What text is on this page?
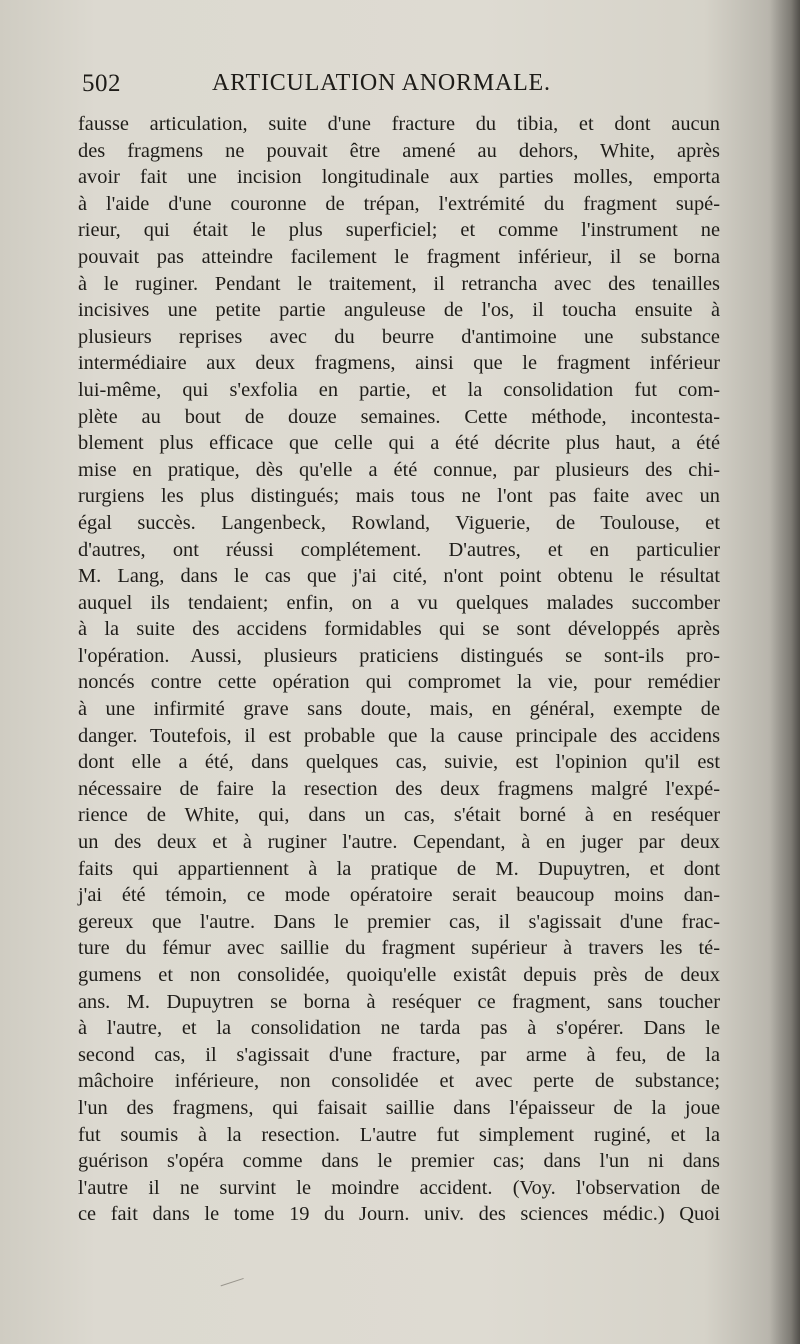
502	ARTICULATION ANORMALE.
fausse articulation, suite d'une fracture du tibia, et dont aucun
des fragmens ne pouvait être amené au dehors, White, après
avoir fait une incision longitudinale aux parties molles, emporta
à l'aide d'une couronne de trépan, l'extrémité du fragment supé-
rieur, qui était le plus superficiel; et comme l'instrument ne
pouvait pas atteindre facilement le fragment inférieur, il se borna
à le ruginer. Pendant le traitement, il retrancha avec des tenailles
incisives une petite partie anguleuse de l'os, il toucha ensuite à
plusieurs reprises avec du beurre d'antimoine une substance
intermédiaire aux deux fragmens, ainsi que le fragment inférieur
lui-même, qui s'exfolia en partie, et la consolidation fut com-
plète au bout de douze semaines. Cette méthode, incontesta-
blement plus efficace que celle qui a été décrite plus haut, a été
mise en pratique, dès qu'elle a été connue, par plusieurs des chi-
rurgiens les plus distingués; mais tous ne l'ont pas faite avec un
égal succès. Langenbeck, Rowland, Viguerie, de Toulouse, et
d'autres, ont réussi complétement. D'autres, et en particulier
M. Lang, dans le cas que j'ai cité, n'ont point obtenu le résultat
auquel ils tendaient; enfin, on a vu quelques malades succomber
à la suite des accidens formidables qui se sont développés après
l'opération. Aussi, plusieurs praticiens distingués se sont-ils pro-
noncés contre cette opération qui compromet la vie, pour remédier
à une infirmité grave sans doute, mais, en général, exempte de
danger. Toutefois, il est probable que la cause principale des accidens
dont elle a été, dans quelques cas, suivie, est l'opinion qu'il est
nécessaire de faire la resection des deux fragmens malgré l'expé-
rience de White, qui, dans un cas, s'était borné à en reséquer
un des deux et à ruginer l'autre. Cependant, à en juger par deux
faits qui appartiennent à la pratique de M. Dupuytren, et dont
j'ai été témoin, ce mode opératoire serait beaucoup moins dan-
gereux que l'autre. Dans le premier cas, il s'agissait d'une frac-
ture du fémur avec saillie du fragment supérieur à travers les té-
gumens et non consolidée, quoiqu'elle existât depuis près de deux
ans. M. Dupuytren se borna à reséquer ce fragment, sans toucher
à l'autre, et la consolidation ne tarda pas à s'opérer. Dans le
second cas, il s'agissait d'une fracture, par arme à feu, de la
mâchoire inférieure, non consolidée et avec perte de substance;
l'un des fragmens, qui faisait saillie dans l'épaisseur de la joue
fut soumis à la resection. L'autre fut simplement ruginé, et la
guérison s'opéra comme dans le premier cas; dans l'un ni dans
l'autre il ne survint le moindre accident. (Voy. l'observation de
ce fait dans le tome 19 du Journ. univ. des sciences médic.) Quoi
